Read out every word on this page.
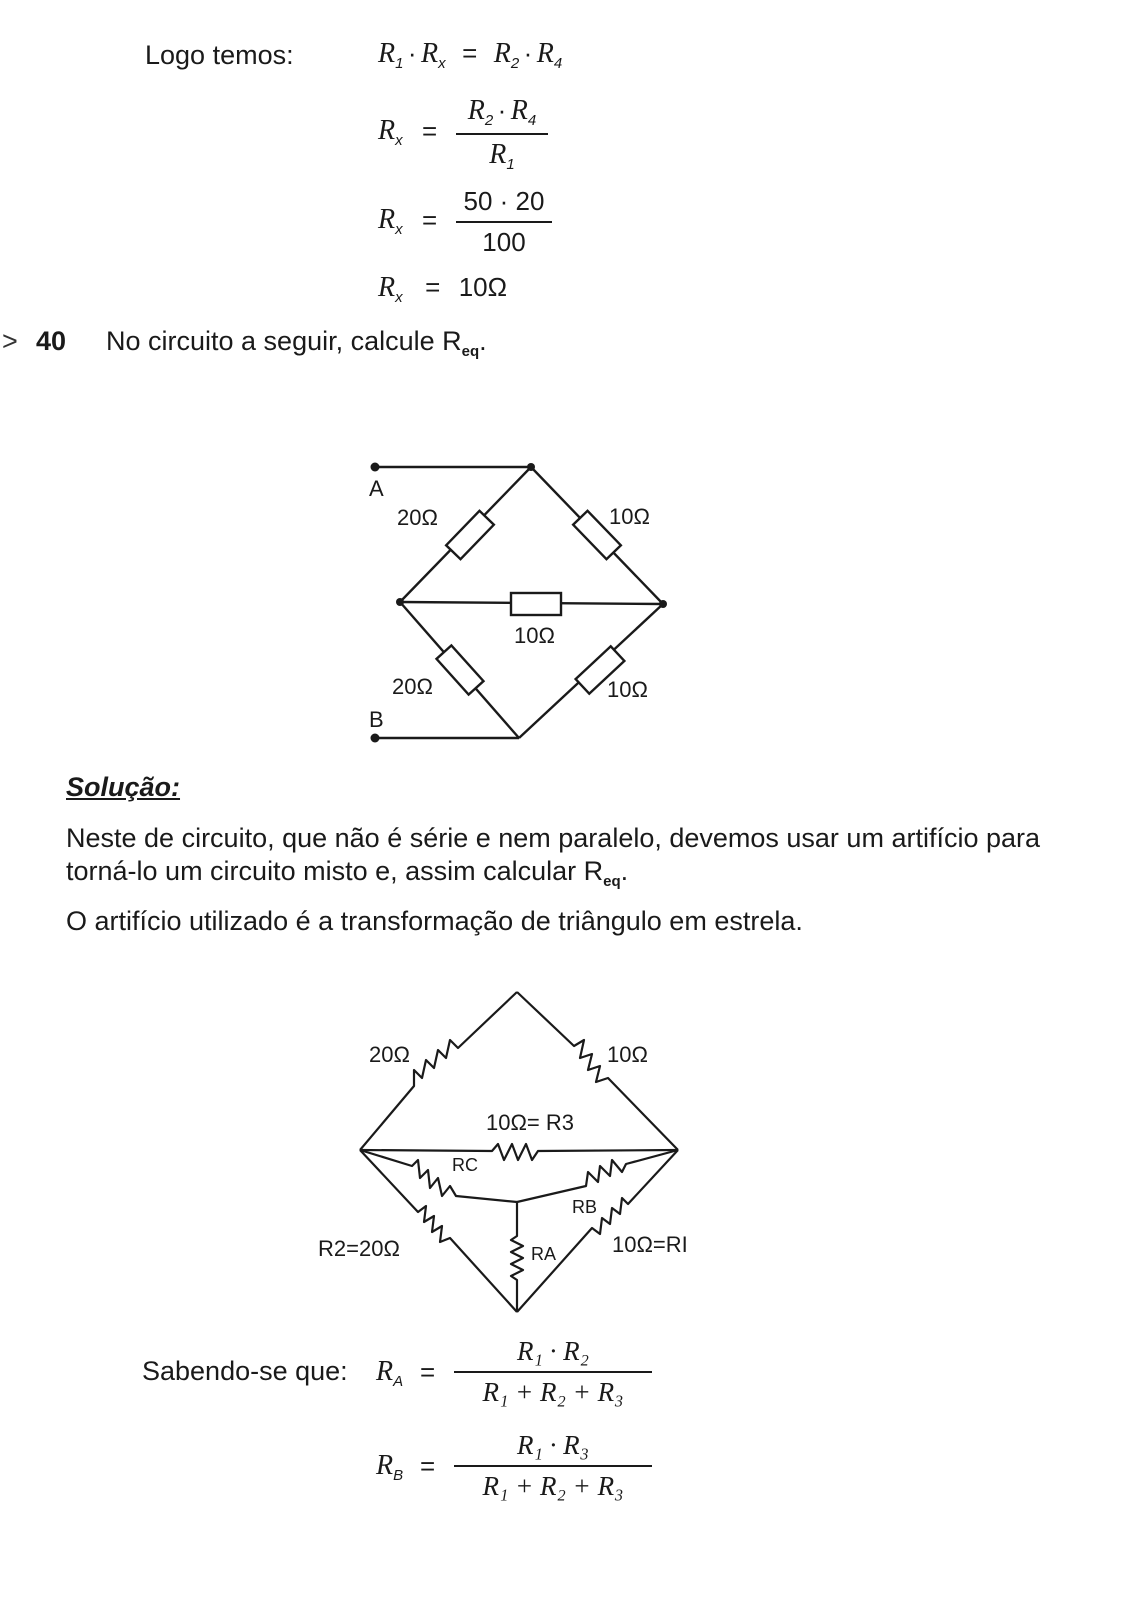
Logo temos:	R1 · Rx = R2 · R4
Rx =
R2 · R4
R1
Rx =
50 · 20
100
Rx = 10Ω
> 40 No circuito a seguir, calcule $R_{eq}$.
A
B
20Ω	10Ω
10Ω
20Ω	10Ω
Solução:
Neste de circuito, que não é série e nem paralelo, devemos usar um artifício para
torná-lo um circuito misto e, assim calcular $R_{eq}$.
O artifício utilizado é a transformação de triângulo em estrela.
20Ω	10Ω
10Ω= R3
RC
RB
RA
R2=20Ω	10Ω=RI
Sabendo-se que: RA =
R₁ · R₂
R₁ + R₂ + R₃
RB =
R₁ · R₃
R₁ + R₂ + R₃
